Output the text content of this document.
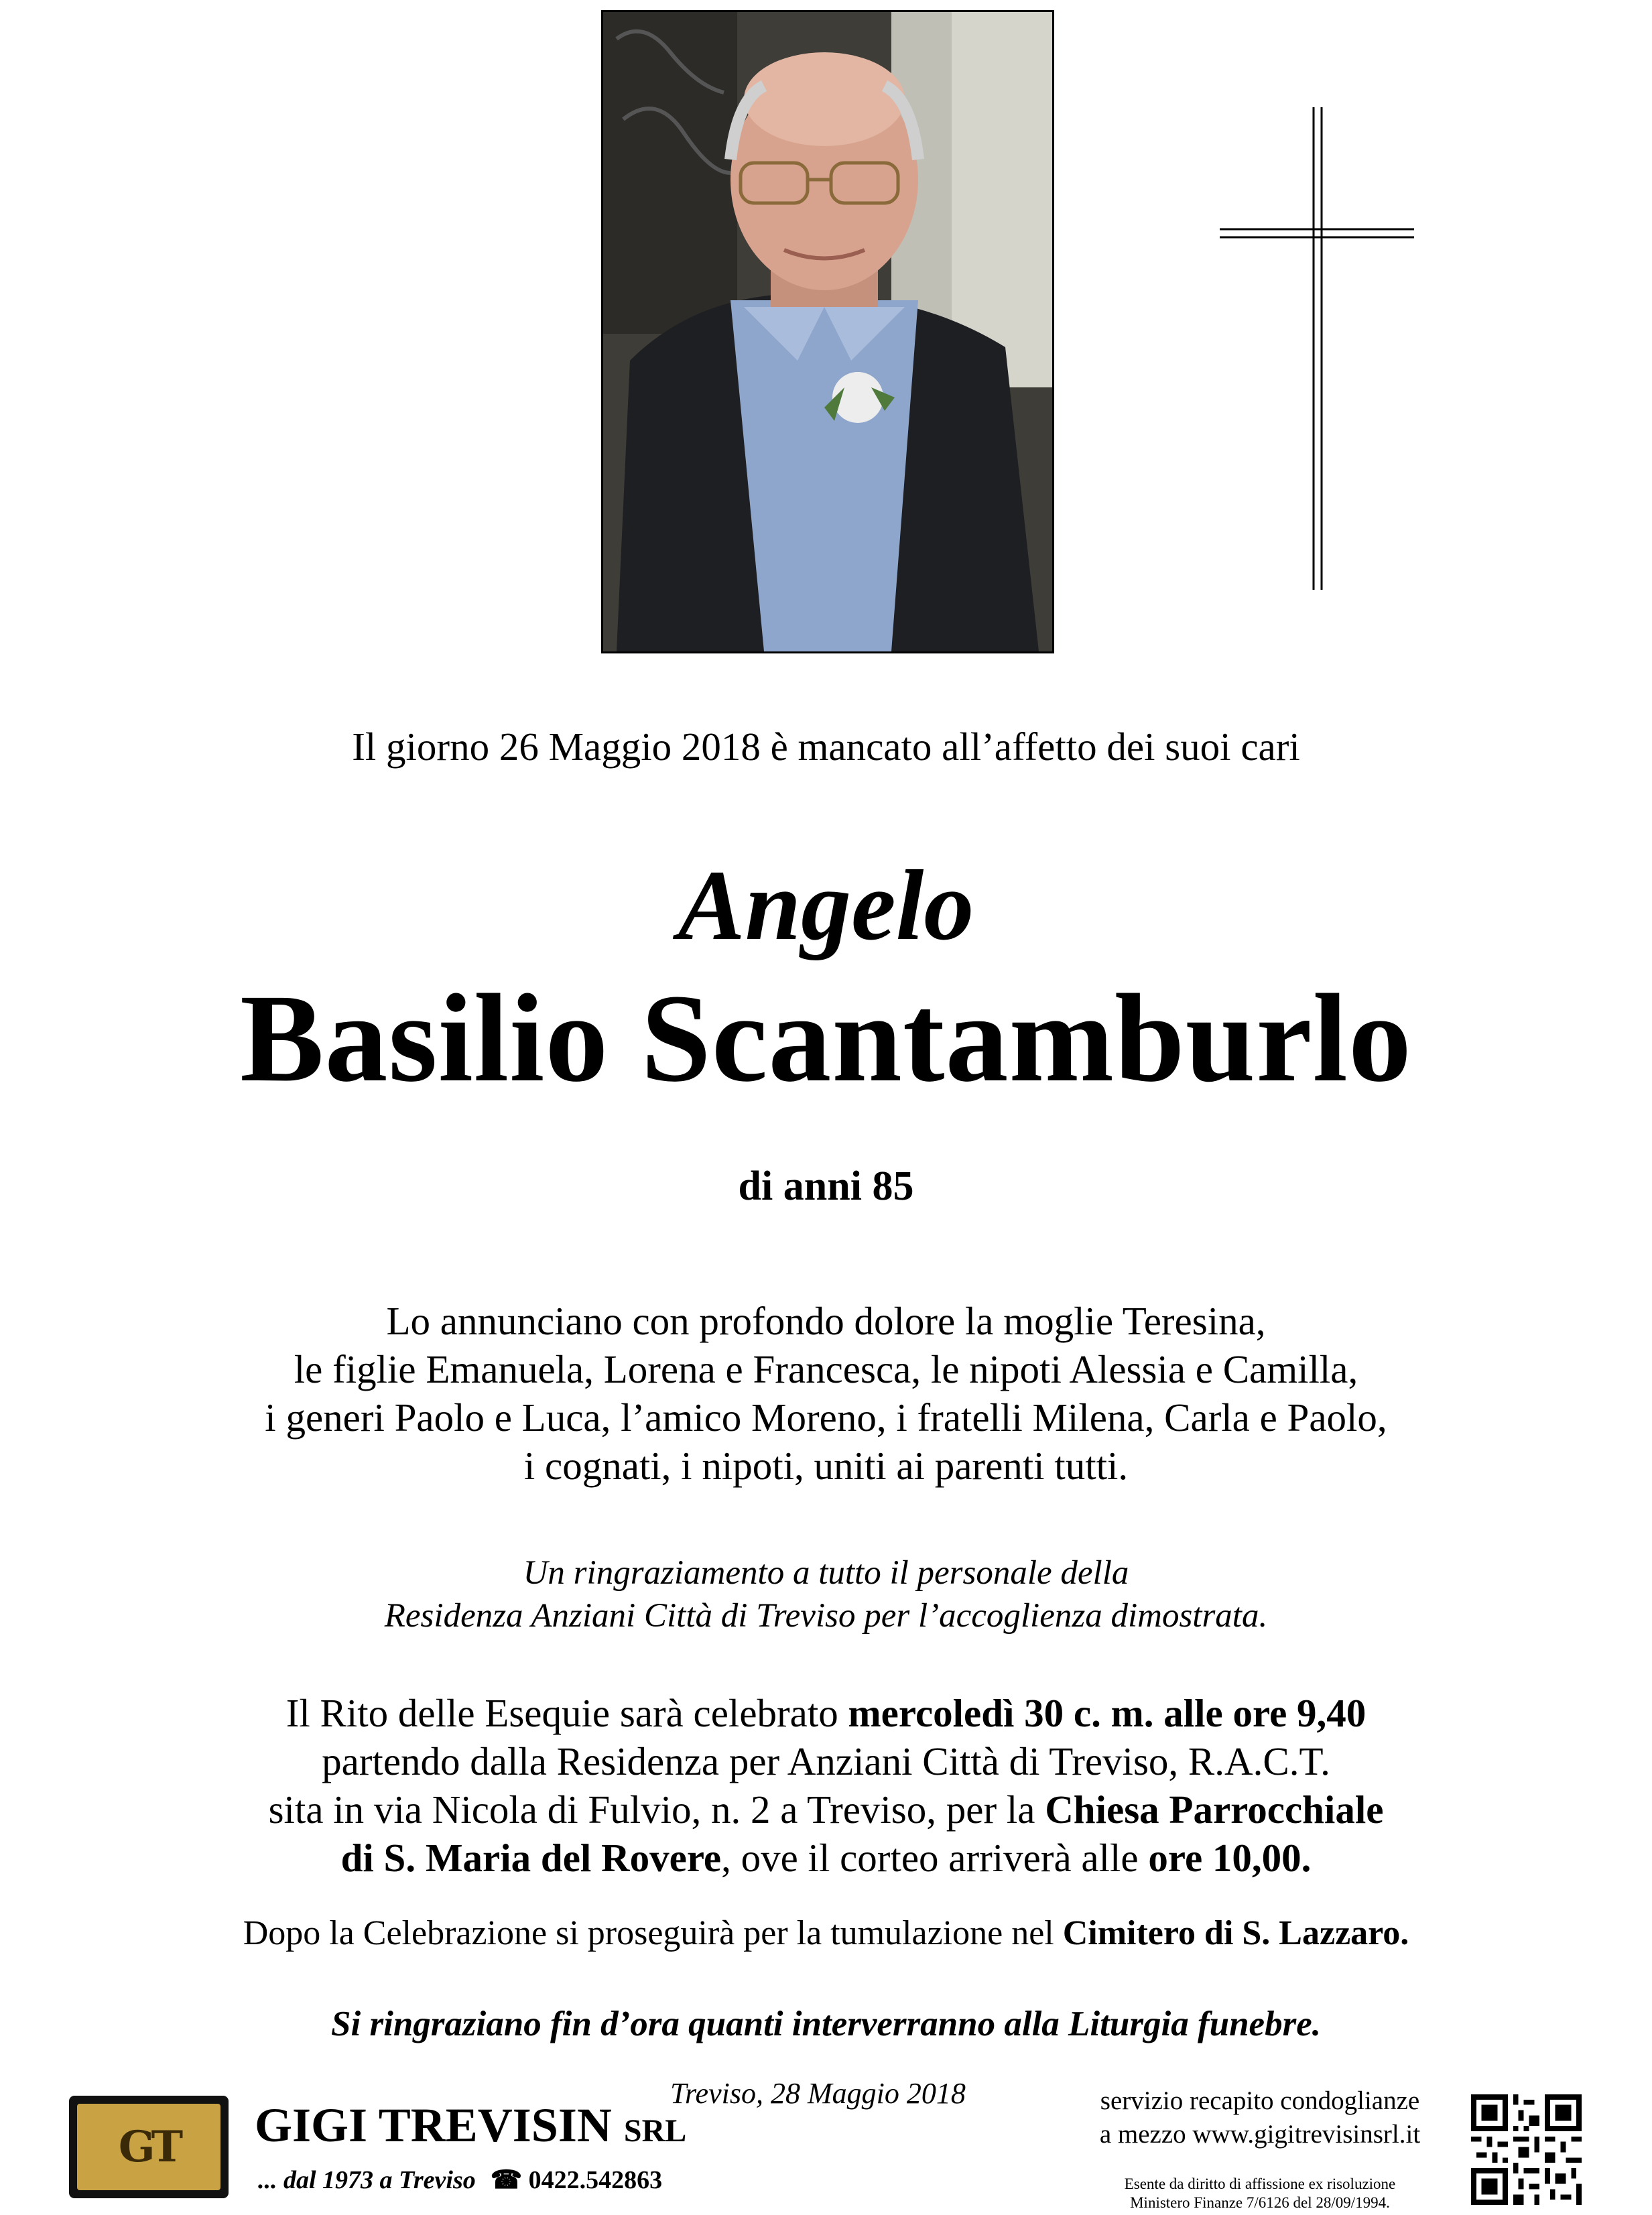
Il giorno 26 Maggio 2018 è mancato all’affetto dei suoi cari
Angelo
Basilio Scantamburlo
di anni 85
Lo annunciano con profondo dolore la moglie Teresina,
le figlie Emanuela, Lorena e Francesca, le nipoti Alessia e Camilla,
i generi Paolo e Luca, l’amico Moreno, i fratelli Milena, Carla e Paolo,
i cognati, i nipoti, uniti ai parenti tutti.
Un ringraziamento a tutto il personale della
Residenza Anziani Città di Treviso per l’accoglienza dimostrata.
Il Rito delle Esequie sarà celebrato mercoledì 30 c. m. alle ore 9,40
partendo dalla Residenza per Anziani Città di Treviso, R.A.C.T.
sita in via Nicola di Fulvio, n. 2 a Treviso, per la Chiesa Parrocchiale
di S. Maria del Rovere, ove il corteo arriverà alle ore 10,00.
Dopo la Celebrazione si proseguirà per la tumulazione nel Cimitero di S. Lazzaro.
Si ringraziano fin d’ora quanti interverranno alla Liturgia funebre.
GT	GIGI TREVISIN SRL
... dal 1973 a Treviso ☎ 0422.542863
Treviso, 28 Maggio 2018	servizio recapito condoglianze
a mezzo www.gigitrevisinsrl.it
Esente da diritto di affissione ex risoluzione
Ministero Finanze 7/6126 del 28/09/1994.
